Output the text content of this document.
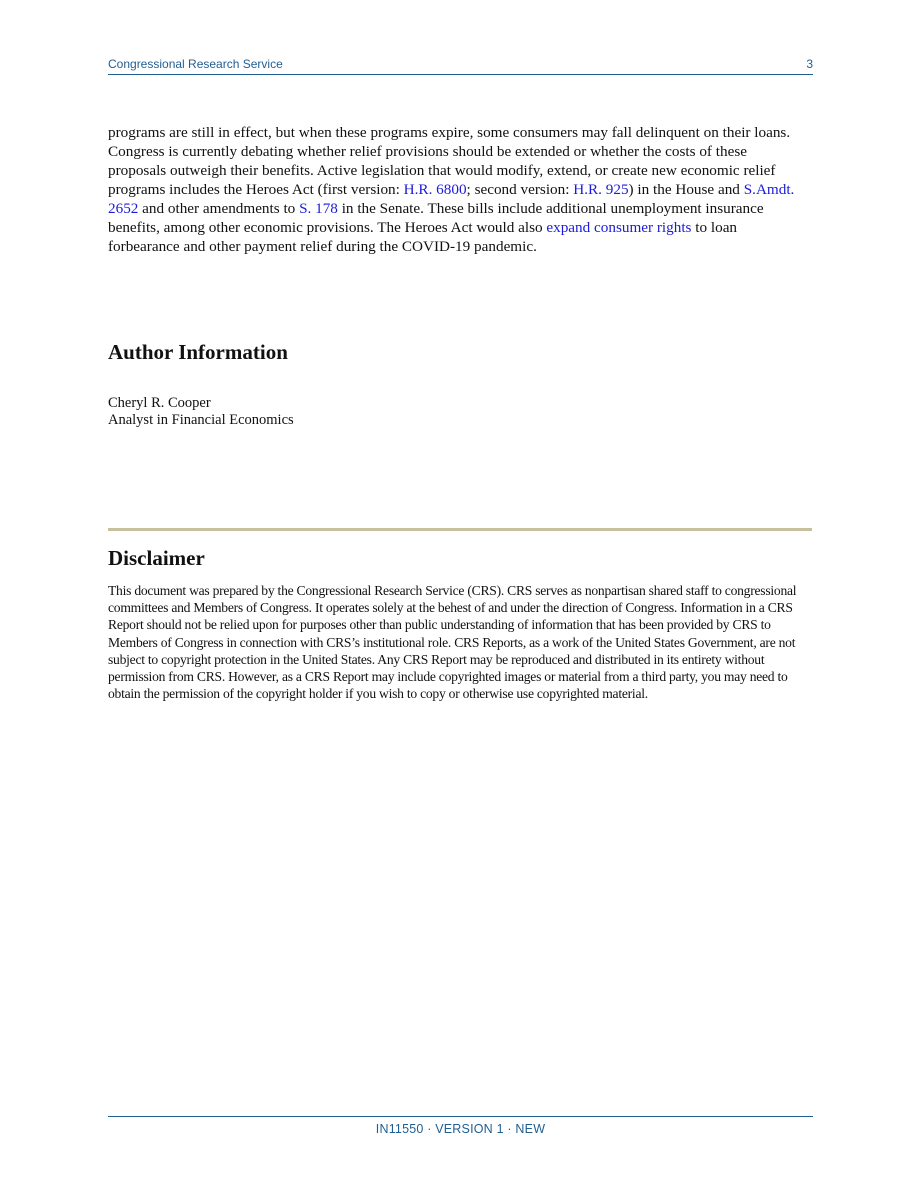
Congressional Research Service	3
programs are still in effect, but when these programs expire, some consumers may fall delinquent on their loans. Congress is currently debating whether relief provisions should be extended or whether the costs of these proposals outweigh their benefits. Active legislation that would modify, extend, or create new economic relief programs includes the Heroes Act (first version: H.R. 6800; second version: H.R. 925) in the House and S.Amdt. 2652 and other amendments to S. 178 in the Senate. These bills include additional unemployment insurance benefits, among other economic provisions. The Heroes Act would also expand consumer rights to loan forbearance and other payment relief during the COVID-19 pandemic.
Author Information
Cheryl R. Cooper
Analyst in Financial Economics
Disclaimer
This document was prepared by the Congressional Research Service (CRS). CRS serves as nonpartisan shared staff to congressional committees and Members of Congress. It operates solely at the behest of and under the direction of Congress. Information in a CRS Report should not be relied upon for purposes other than public understanding of information that has been provided by CRS to Members of Congress in connection with CRS’s institutional role. CRS Reports, as a work of the United States Government, are not subject to copyright protection in the United States. Any CRS Report may be reproduced and distributed in its entirety without permission from CRS. However, as a CRS Report may include copyrighted images or material from a third party, you may need to obtain the permission of the copyright holder if you wish to copy or otherwise use copyrighted material.
IN11550 · VERSION 1 · NEW
